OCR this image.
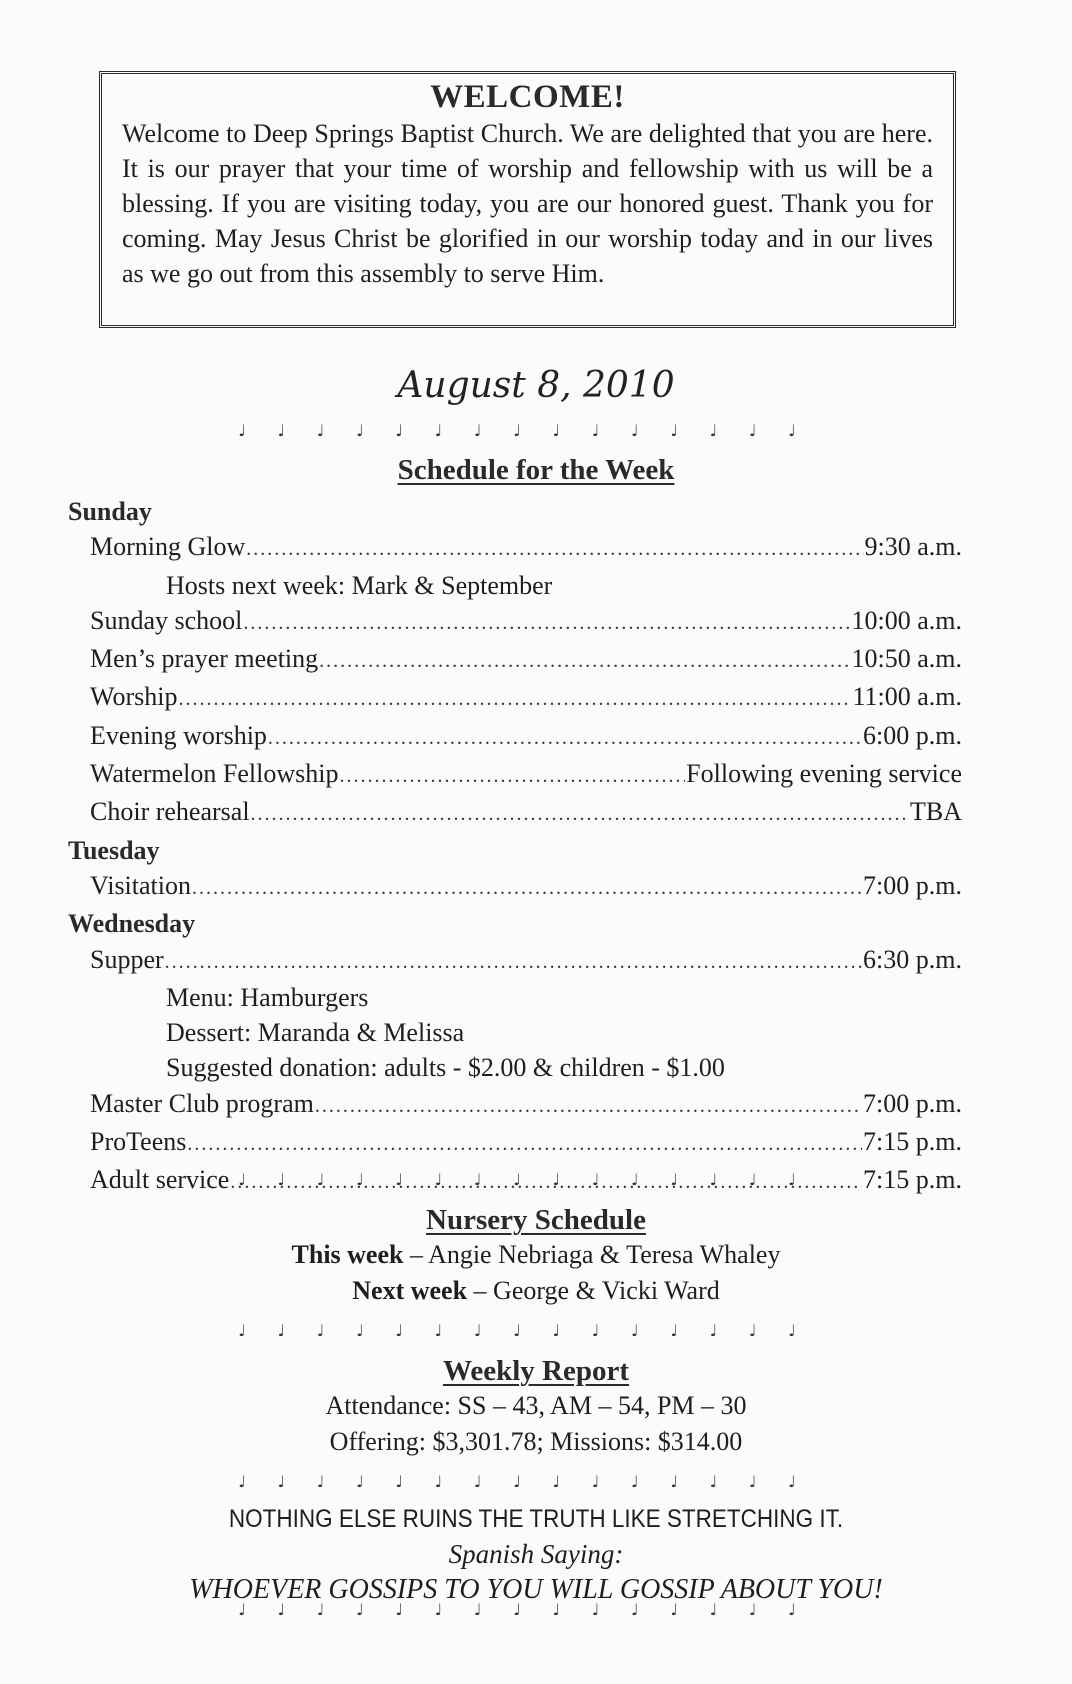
WELCOME!
Welcome to Deep Springs Baptist Church. We are delighted that you are here. It is our prayer that your time of worship and fellowship with us will be a blessing. If you are visiting today, you are our honored guest. Thank you for coming. May Jesus Christ be glorified in our worship today and in our lives as we go out from this assembly to serve Him.
August 8, 2010
♩ ♩ ♩ ♩ ♩ ♩ ♩ ♩ ♩ ♩ ♩ ♩ ♩ ♩ ♩
♩ ♩ ♩ ♩ ♩ ♩ ♩ ♩ ♩ ♩ ♩ ♩ ♩ ♩ ♩
♩ ♩ ♩ ♩ ♩ ♩ ♩ ♩ ♩ ♩ ♩ ♩ ♩ ♩ ♩
♩ ♩ ♩ ♩ ♩ ♩ ♩ ♩ ♩ ♩ ♩ ♩ ♩ ♩ ♩
♩ ♩ ♩ ♩ ♩ ♩ ♩ ♩ ♩ ♩ ♩ ♩ ♩ ♩ ♩
Schedule for the Week
Sunday
Morning Glow .....	9:30 a.m.
Hosts next week: Mark & September
Sunday school .....	10:00 a.m.
Men’s prayer meeting .....	10:50 a.m.
Worship .....	11:00 a.m.
Evening worship .....	6:00 p.m.
Watermelon Fellowship .....	Following evening service
Choir rehearsal .....	TBA
Tuesday
Visitation .....	7:00 p.m.
Wednesday
Supper .....	6:30 p.m.
Menu: Hamburgers
Dessert: Maranda & Melissa
Suggested donation: adults - $2.00 & children - $1.00
Master Club program .....	7:00 p.m.
ProTeens .....	7:15 p.m.
Adult service .....	7:15 p.m.
Nursery Schedule
This week – Angie Nebriaga & Teresa Whaley
Next week – George & Vicki Ward
Weekly Report
Attendance: SS – 43, AM – 54, PM – 30
Offering: $3,301.78; Missions: $314.00
NOTHING ELSE RUINS THE TRUTH LIKE STRETCHING IT.
Spanish Saying:
WHOEVER GOSSIPS TO YOU WILL GOSSIP ABOUT YOU!
